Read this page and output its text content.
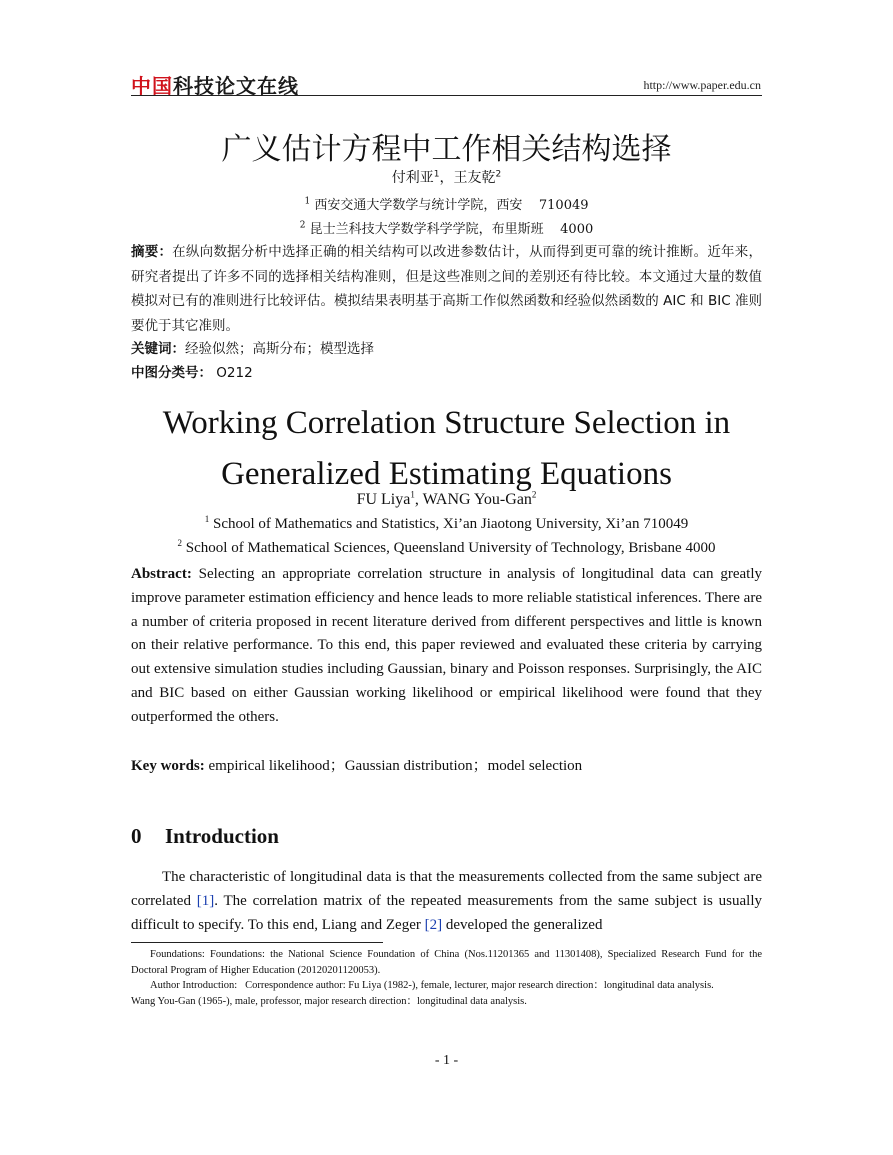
中国科技论文在线	http://www.paper.edu.cn
广义估计方程中工作相关结构选择
付利亚$^1$，王友乾$^2$
$^1$ 西安交通大学数学与统计学院，西安    710049
$^2$ 昆士兰科技大学数学科学学院，布里斯班    4000
摘要：在纵向数据分析中选择正确的相关结构可以改进参数估计，从而得到更可靠的统计推断。近年来，研究者提出了许多不同的选择相关结构准则，但是这些准则之间的差别还有待比较。本文通过大量的数值模拟对已有的准则进行比较评估。模拟结果表明基于高斯工作似然函数和经验似然函数的 AIC 和 BIC 准则要优于其它准则。
关键词：经验似然；高斯分布；模型选择
中图分类号： O212
Working Correlation Structure Selection in
Generalized Estimating Equations
FU Liya$^1$, WANG You-Gan$^2$
$^1$ School of Mathematics and Statistics, Xi’an Jiaotong University, Xi’an 710049
$^2$ School of Mathematical Sciences, Queensland University of Technology, Brisbane 4000
Abstract: Selecting an appropriate correlation structure in analysis of longitudinal data can greatly improve parameter estimation efficiency and hence leads to more reliable statistical inferences. There are a number of criteria proposed in recent literature derived from different perspectives and little is known on their relative performance. To this end, this paper reviewed and evaluated these criteria by carrying out extensive simulation studies including Gaussian, binary and Poisson responses. Surprisingly, the AIC and BIC based on either Gaussian working likelihood or empirical likelihood were found that they outperformed the others.
Key words: empirical likelihood；Gaussian distribution；model selection
0 Introduction
The characteristic of longitudinal data is that the measurements collected from the same subject are correlated [1]. The correlation matrix of the repeated measurements from the same subject is usually difficult to specify. To this end, Liang and Zeger [2] developed the generalized
Foundations: Foundations: the National Science Foundation of China (Nos.11201365 and 11301408), Specialized Research Fund for the Doctoral Program of Higher Education (20120201120053).
Author Introduction:   Correspondence author: Fu Liya (1982-), female, lecturer, major research direction：longitudinal data analysis.
Wang You-Gan (1965-), male, professor, major research direction：longitudinal data analysis.
- 1 -
